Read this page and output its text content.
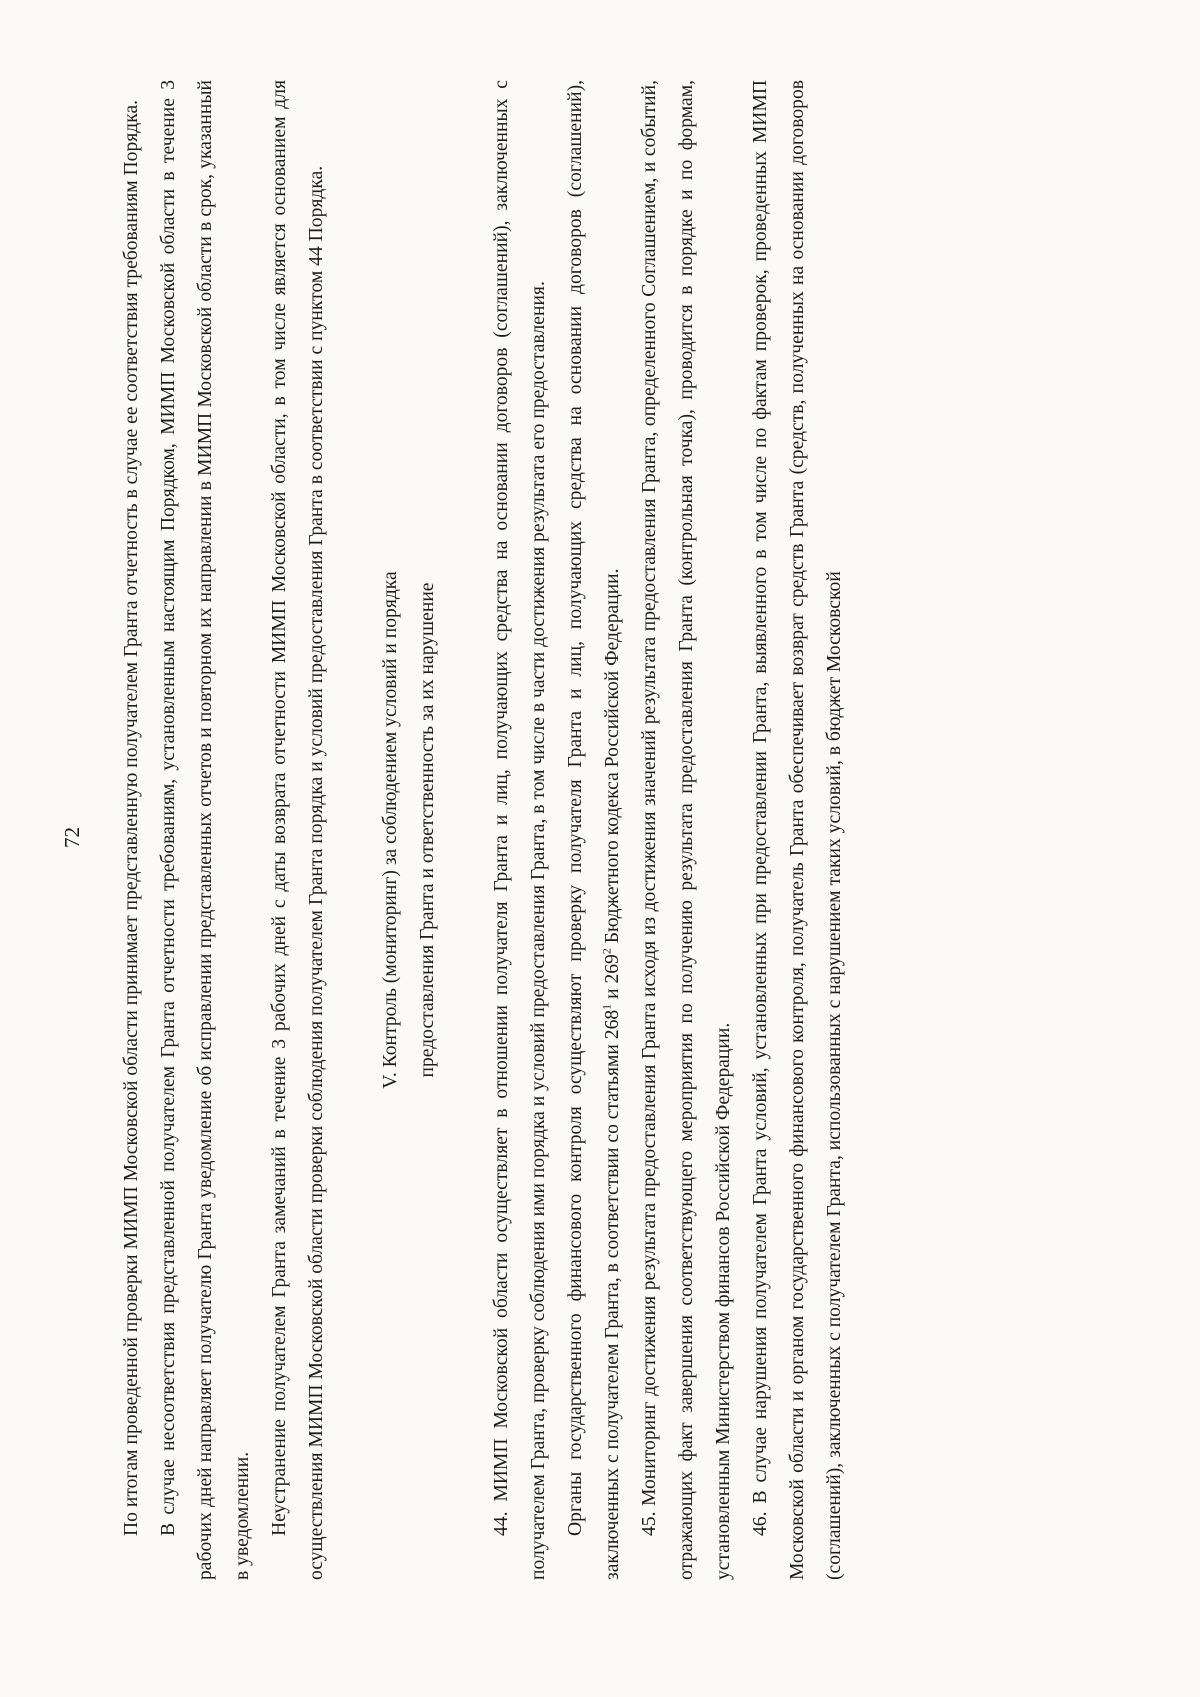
72	По итогам проведенной проверки МИМП Московской области принимает представленную получателем Гранта отчетность в случае ее соответствия требованиям Порядка. В случае несоответствия представленной получателем Гранта отчетности требованиям, установленным настоящим Порядком, МИМП Московской области в течение 3 рабочих дней направляет получателю Гранта уведомление об исправлении представленных отчетов и повторном их направлении в МИМП Московской области в срок, указанный в уведомлении. Неустранение получателем Гранта замечаний в течение 3 рабочих дней с даты возврата отчетности МИМП Московской области, в том числе является основанием для осуществления МИМП Московской области проверки соблюдения получателем Гранта порядка и условий предоставления Гранта в соответствии с пунктом 44 Порядка.	V. Контроль (мониторинг) за соблюдением условий и порядка предоставления Гранта и ответственность за их нарушение	44. МИМП Московской области осуществляет в отношении получателя Гранта и лиц, получающих средства на основании договоров (соглашений), заключенных с получателем Гранта, проверку соблюдения ими порядка и условий предоставления Гранта, в том числе в части достижения результата его предоставления. Органы государственного финансового контроля осуществляют проверку получателя Гранта и лиц, получающих средства на основании договоров (соглашений), заключенных с получателем Гранта, в соответствии со статьями $268^1$ и $269^2$ Бюджетного кодекса Российской Федерации. 45. Мониторинг достижения результата предоставления Гранта исходя из достижения значений результата предоставления Гранта, определенного Соглашением, и событий, отражающих факт завершения соответствующего мероприятия по получению результата предоставления Гранта (контрольная точка), проводится в порядке и по формам, установленным Министерством финансов Российской Федерации. 46. В случае нарушения получателем Гранта условий, установленных при предоставлении Гранта, выявленного в том числе по фактам проверок, проведенных МИМП Московской области и органом государственного финансового контроля, получатель Гранта обеспечивает возврат средств Гранта (средств, полученных на основании договоров (соглашений), заключенных с получателем Гранта, использованных с нарушением таких условий, в бюджет Московской
